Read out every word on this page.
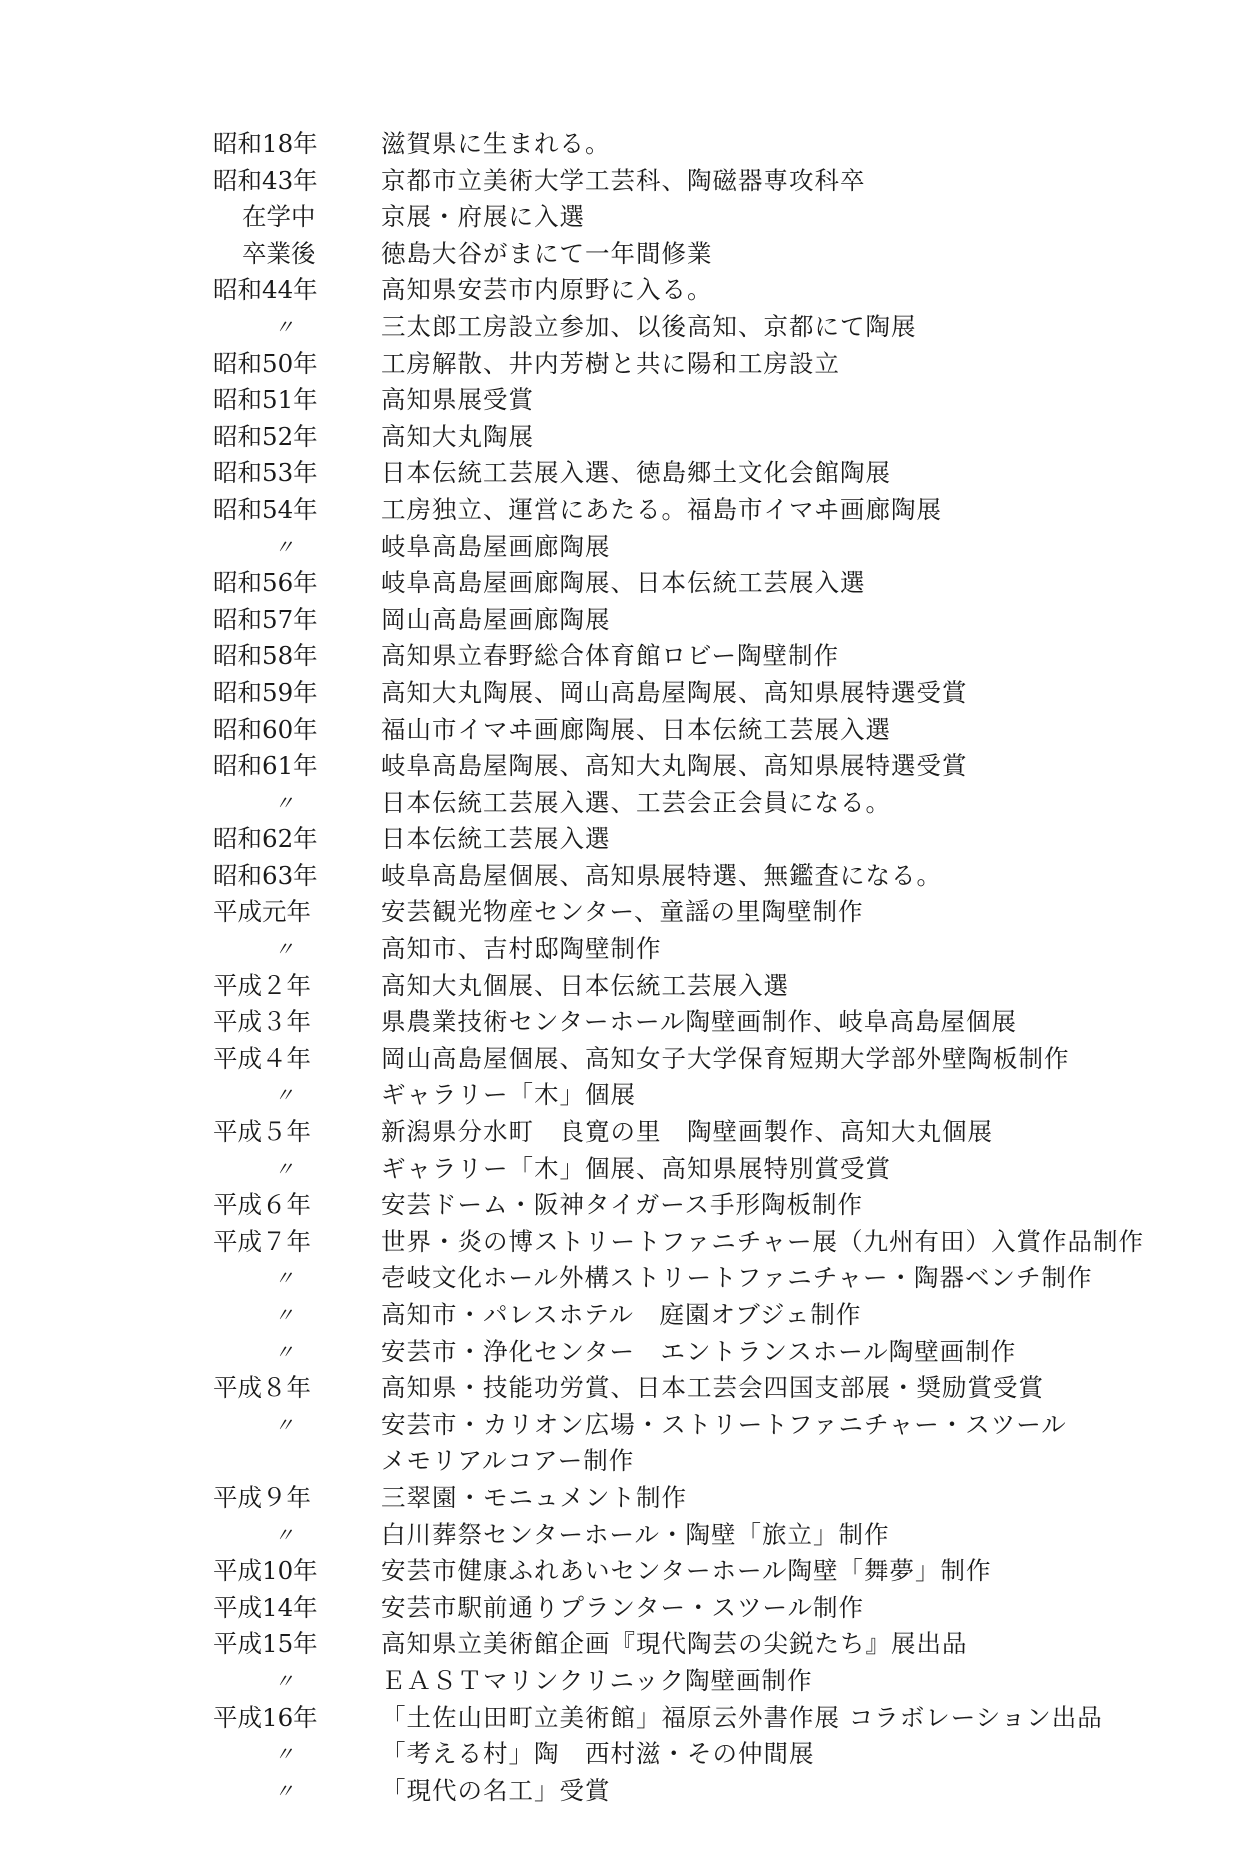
昭和18年	滋賀県に生まれる。
昭和43年	京都市立美術大学工芸科、陶磁器専攻科卒
在学中	京展・府展に入選
卒業後	徳島大谷がまにて一年間修業
昭和44年	高知県安芸市内原野に入る。
〃	三太郎工房設立参加、以後高知、京都にて陶展
昭和50年	工房解散、井内芳樹と共に陽和工房設立
昭和51年	高知県展受賞
昭和52年	高知大丸陶展
昭和53年	日本伝統工芸展入選、徳島郷土文化会館陶展
昭和54年	工房独立、運営にあたる。福島市イマヰ画廊陶展
〃	岐阜高島屋画廊陶展
昭和56年	岐阜高島屋画廊陶展、日本伝統工芸展入選
昭和57年	岡山高島屋画廊陶展
昭和58年	高知県立春野総合体育館ロビー陶壁制作
昭和59年	高知大丸陶展、岡山高島屋陶展、高知県展特選受賞
昭和60年	福山市イマヰ画廊陶展、日本伝統工芸展入選
昭和61年	岐阜高島屋陶展、高知大丸陶展、高知県展特選受賞
〃	日本伝統工芸展入選、工芸会正会員になる。
昭和62年	日本伝統工芸展入選
昭和63年	岐阜高島屋個展、高知県展特選、無鑑査になる。
平成元年	安芸観光物産センター、童謡の里陶壁制作
〃	高知市、吉村邸陶壁制作
平成２年	高知大丸個展、日本伝統工芸展入選
平成３年	県農業技術センターホール陶壁画制作、岐阜高島屋個展
平成４年	岡山高島屋個展、高知女子大学保育短期大学部外壁陶板制作
〃	ギャラリー「木」個展
平成５年	新潟県分水町　良寛の里　陶壁画製作、高知大丸個展
〃	ギャラリー「木」個展、高知県展特別賞受賞
平成６年	安芸ドーム・阪神タイガース手形陶板制作
平成７年	世界・炎の博ストリートファニチャー展（九州有田）入賞作品制作
〃	壱岐文化ホール外構ストリートファニチャー・陶器ベンチ制作
〃	高知市・パレスホテル　庭園オブジェ制作
〃	安芸市・浄化センター　エントランスホール陶壁画制作
平成８年	高知県・技能功労賞、日本工芸会四国支部展・奨励賞受賞
〃	安芸市・カリオン広場・ストリートファニチャー・スツール
メモリアルコアー制作
平成９年	三翠園・モニュメント制作
〃	白川葬祭センターホール・陶壁「旅立」制作
平成10年	安芸市健康ふれあいセンターホール陶壁「舞夢」制作
平成14年	安芸市駅前通りプランター・スツール制作
平成15年	高知県立美術館企画『現代陶芸の尖鋭たち』展出品
〃	ＥＡＳＴマリンクリニック陶壁画制作
平成16年	「土佐山田町立美術館」福原云外書作展 コラボレーション出品
〃	「考える村」陶　西村滋・その仲間展
〃	「現代の名工」受賞
